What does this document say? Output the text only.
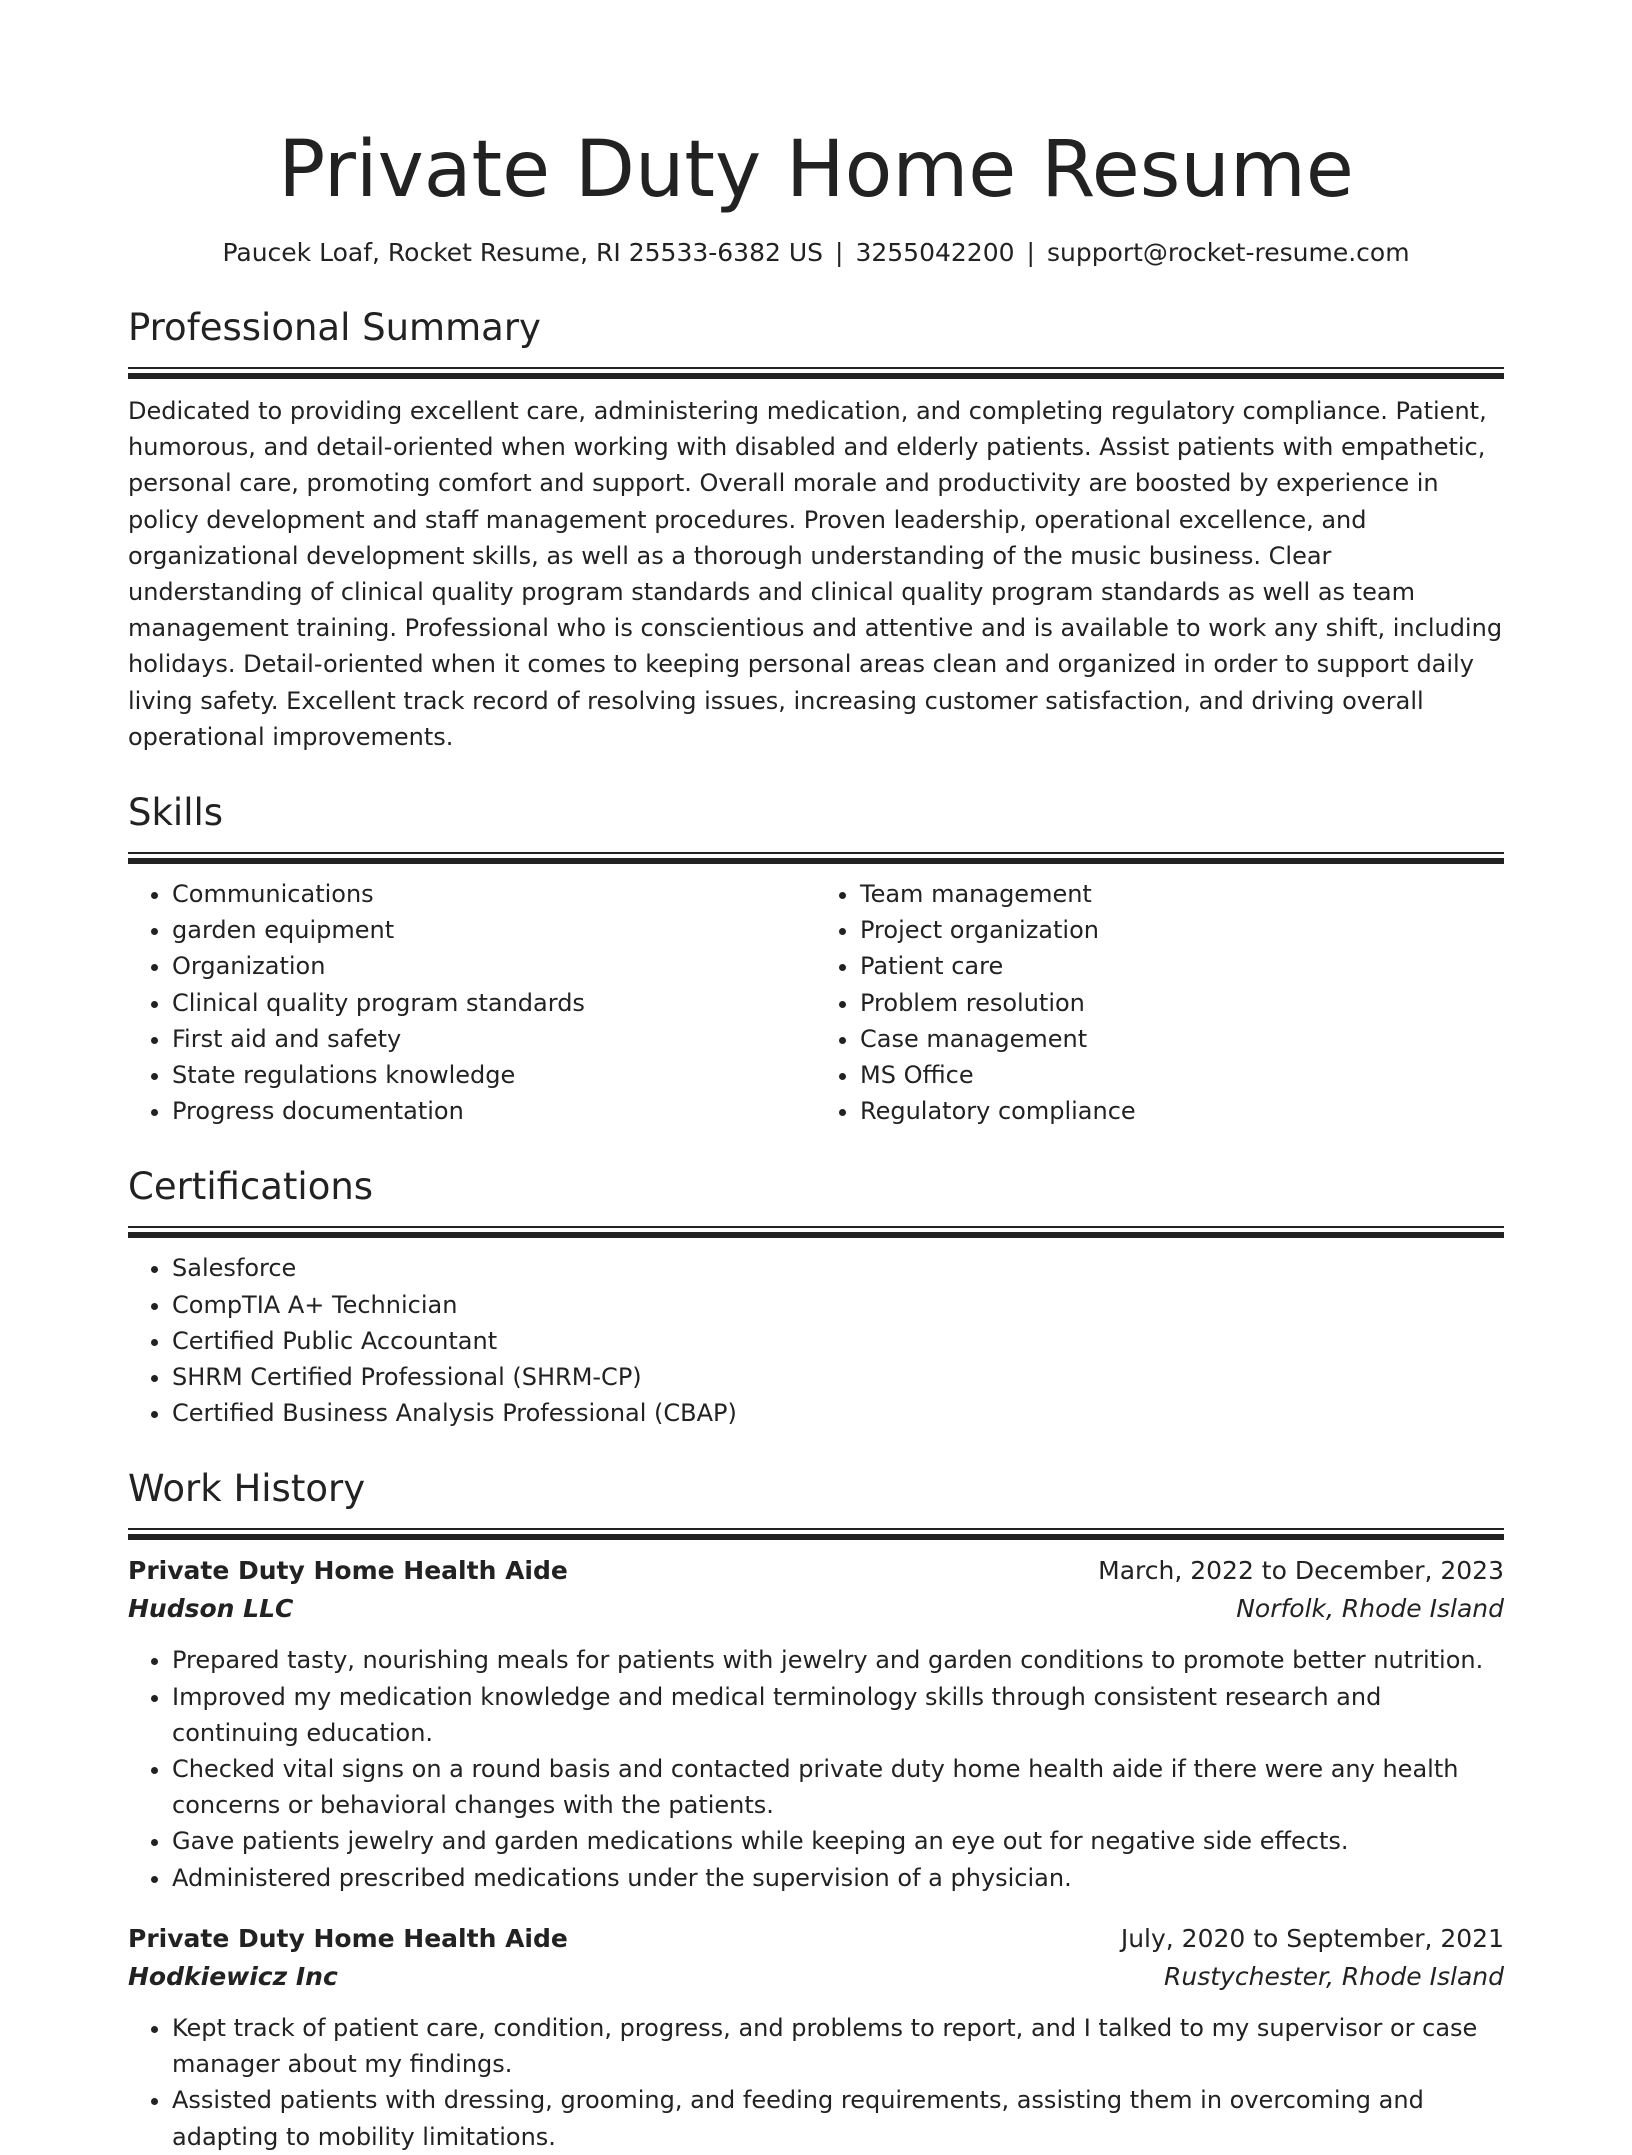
Private Duty Home Resume
Paucek Loaf, Rocket Resume, RI 25533-6382 US | 3255042200 | support@rocket-resume.com
Professional Summary

Dedicated to providing excellent care, administering medication, and completing regulatory compliance. Patient, humorous, and detail-oriented when working with disabled and elderly patients. Assist patients with empathetic, personal care, promoting comfort and support. Overall morale and productivity are boosted by experience in policy development and staff management procedures. Proven leadership, operational excellence, and organizational development skills, as well as a thorough understanding of the music business. Clear understanding of clinical quality program standards and clinical quality program standards as well as team management training. Professional who is conscientious and attentive and is available to work any shift, including holidays. Detail-oriented when it comes to keeping personal areas clean and organized in order to support daily living safety. Excellent track record of resolving issues, increasing customer satisfaction, and driving overall operational improvements.

Skills
• Communications
• garden equipment
• Organization
• Clinical quality program standards
• First aid and safety
• State regulations knowledge
• Progress documentation
• Team management
• Project organization
• Patient care
• Problem resolution
• Case management
• MS Office
• Regulatory compliance
Certifications
• Salesforce
• CompTIA A+ Technician
• Certified Public Accountant
• SHRM Certified Professional (SHRM-CP)
• Certified Business Analysis Professional (CBAP)
Work History
Private Duty Home Health Aide	March, 2022 to December, 2023
Hudson LLC	Norfolk, Rhode Island
• Prepared tasty, nourishing meals for patients with jewelry and garden conditions to promote better nutrition.
• Improved my medication knowledge and medical terminology skills through consistent research and continuing education.
• Checked vital signs on a round basis and contacted private duty home health aide if there were any health concerns or behavioral changes with the patients.
• Gave patients jewelry and garden medications while keeping an eye out for negative side effects.
• Administered prescribed medications under the supervision of a physician.
Private Duty Home Health Aide	July, 2020 to September, 2021
Hodkiewicz Inc	Rustychester, Rhode Island
• Kept track of patient care, condition, progress, and problems to report, and I talked to my supervisor or case manager about my findings.
• Assisted patients with dressing, grooming, and feeding requirements, assisting them in overcoming and adapting to mobility limitations.
